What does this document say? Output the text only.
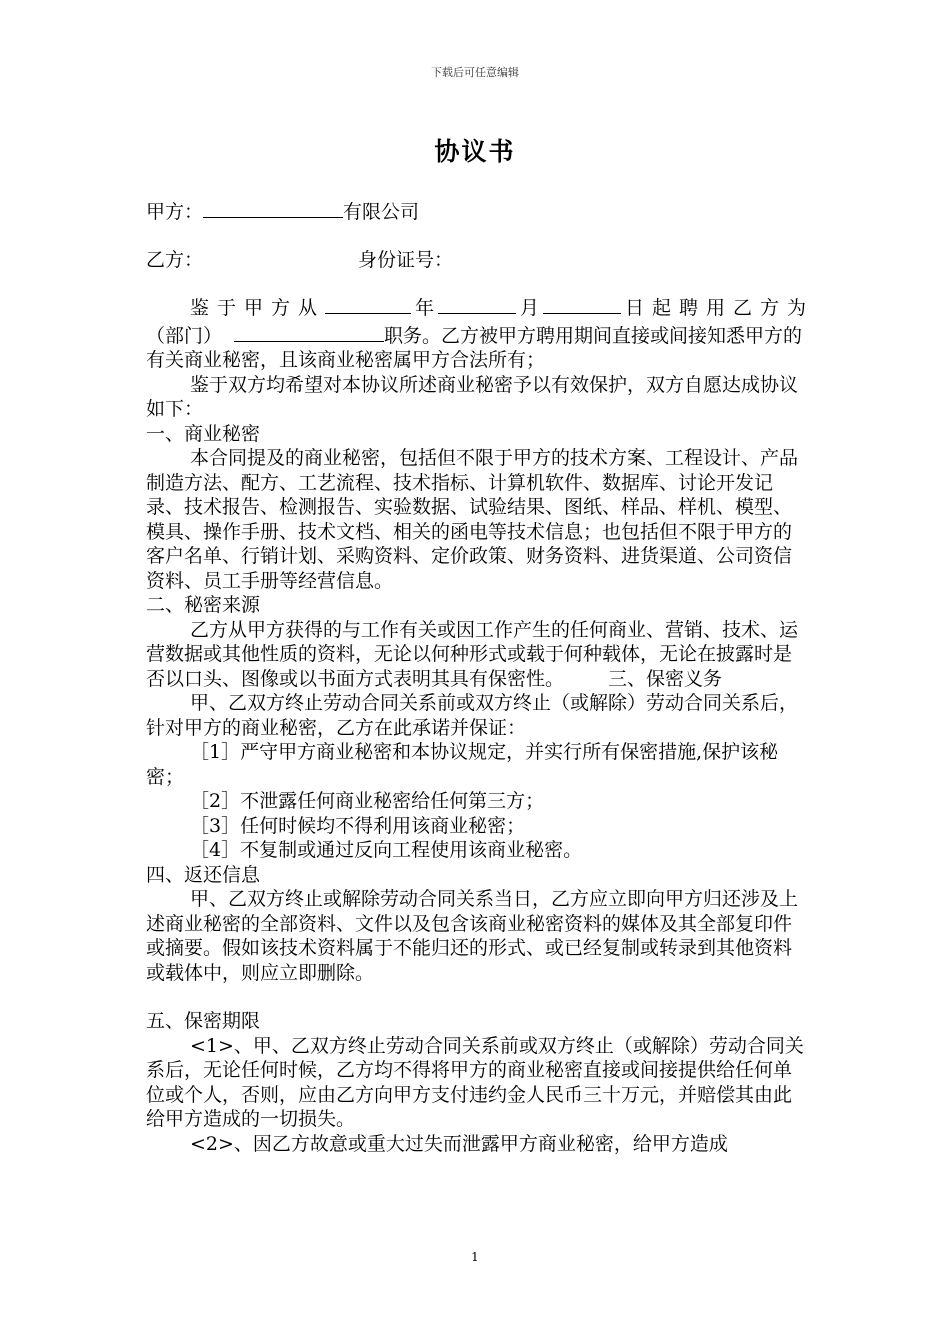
下载后可任意编辑
协议书
甲方：	有限公司
乙方：	身份证号：

鉴于甲方从	年	月	日起聘用乙方为

（部门）	职务。乙方被甲方聘用期间直接或间接知悉甲方的有关商业秘密，且该商业秘密属甲方合法所有；

鉴于双方均希望对本协议所述商业秘密予以有效保护，双方自愿达成协议如下：

一、商业秘密

本合同提及的商业秘密，包括但不限于甲方的技术方案、工程设计、产品制造方法、配方、工艺流程、技术指标、计算机软件、数据库、讨论开发记录、技术报告、检测报告、实验数据、试验结果、图纸、样品、样机、模型、模具、操作手册、技术文档、相关的函电等技术信息；也包括但不限于甲方的客户名单、行销计划、采购资料、定价政策、财务资料、进货渠道、公司资信资料、员工手册等经营信息。

二、秘密来源

乙方从甲方获得的与工作有关或因工作产生的任何商业、营销、技术、运营数据或其他性质的资料，无论以何种形式或载于何种载体，无论在披露时是否以口头、图像或以书面方式表明其具有保密性。 三、保密义务

甲、乙双方终止劳动合同关系前或双方终止（或解除）劳动合同关系后，针对甲方的商业秘密，乙方在此承诺并保证：

［1］严守甲方商业秘密和本协议规定，并实行所有保密措施,保护该秘密；

［2］不泄露任何商业秘密给任何第三方；

［3］任何时候均不得利用该商业秘密；

［4］不复制或通过反向工程使用该商业秘密。

四、返还信息

甲、乙双方终止或解除劳动合同关系当日，乙方应立即向甲方归还涉及上述商业秘密的全部资料、文件以及包含该商业秘密资料的媒体及其全部复印件或摘要。假如该技术资料属于不能归还的形式、或已经复制或转录到其他资料或载体中，则应立即删除。

五、保密期限

<1>、甲、乙双方终止劳动合同关系前或双方终止（或解除）劳动合同关系后，无论任何时候，乙方均不得将甲方的商业秘密直接或间接提供给任何单位或个人，否则，应由乙方向甲方支付违约金人民币三十万元，并赔偿其由此给甲方造成的一切损失。

<2>、因乙方故意或重大过失而泄露甲方商业秘密，给甲方造成

1
